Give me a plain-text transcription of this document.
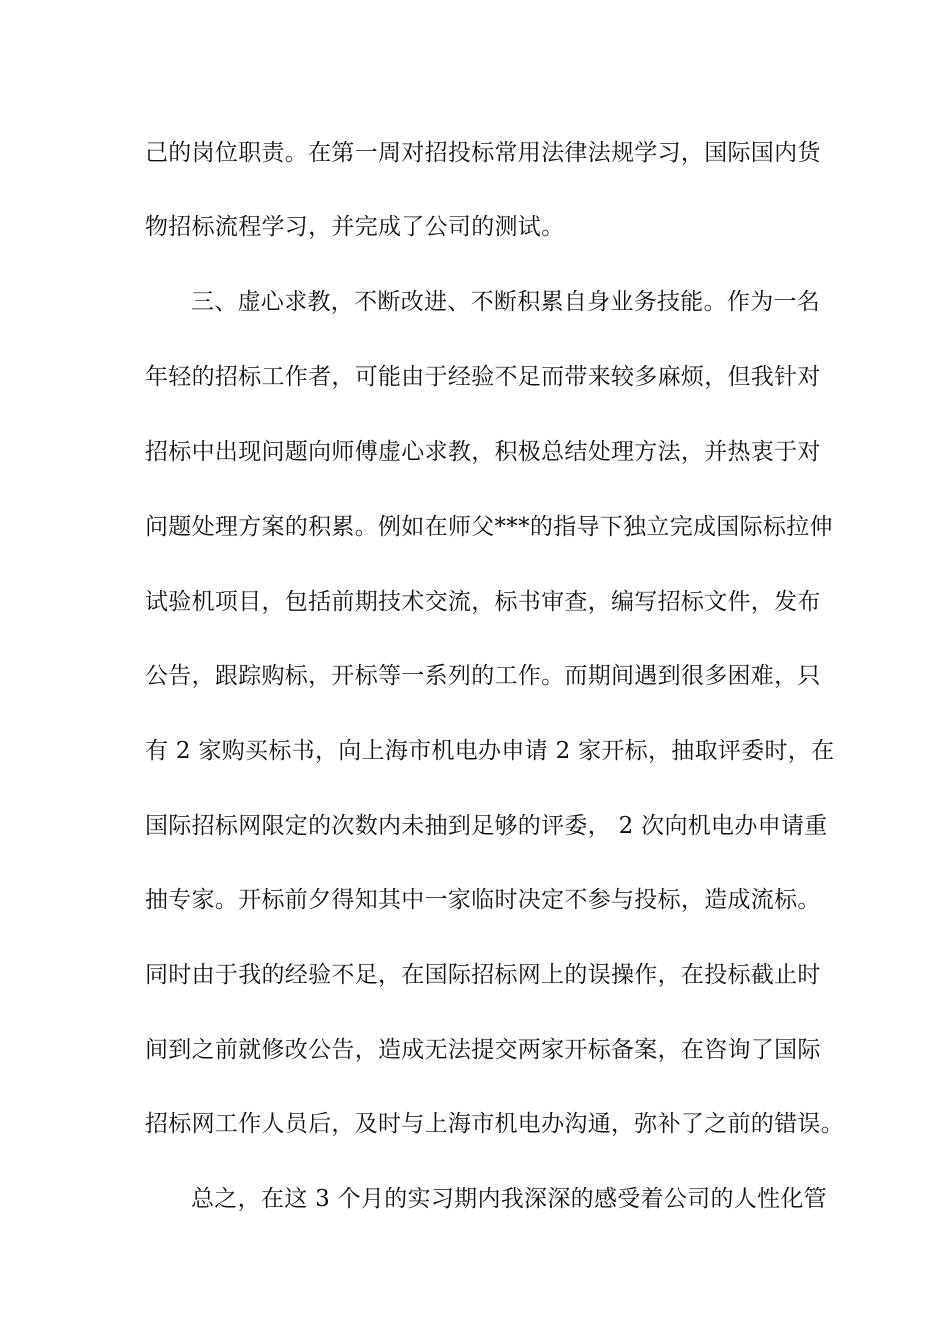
己的岗位职责。在第一周对招投标常用法律法规学习，国际国内货
物招标流程学习，并完成了公司的测试。
三、虚心求教，不断改进、不断积累自身业务技能。作为一名
年轻的招标工作者，可能由于经验不足而带来较多麻烦，但我针对
招标中出现问题向师傅虚心求教，积极总结处理方法，并热衷于对
问题处理方案的积累。例如在师父***的指导下独立完成国际标拉伸
试验机项目，包括前期技术交流，标书审查，编写招标文件，发布
公告，跟踪购标，开标等一系列的工作。而期间遇到很多困难，只
有 2 家购买标书，向上海市机电办申请 2 家开标，抽取评委时，在
国际招标网限定的次数内未抽到足够的评委， 2 次向机电办申请重
抽专家。开标前夕得知其中一家临时决定不参与投标，造成流标。
同时由于我的经验不足，在国际招标网上的误操作，在投标截止时
间到之前就修改公告，造成无法提交两家开标备案，在咨询了国际
招标网工作人员后，及时与上海市机电办沟通，弥补了之前的错误。
总之，在这 3 个月的实习期内我深深的感受着公司的人性化管
